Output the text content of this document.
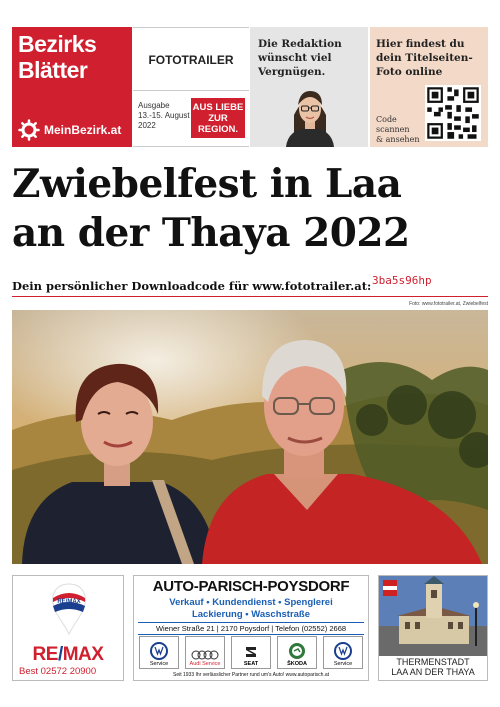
Bezirks
Blätter
MeinBezirk.at
FOTOTRAILER
Ausgabe
13.-15. August
2022
AUS LIEBE
ZUR
REGION.
Die Redaktion
wünscht viel
Vergnügen.
Hier findest du
dein Titelseiten-
Foto online
Code
scannen
& ansehen
Zwiebelfest in Laa
an der Thaya 2022
Dein persönlicher Downloadcode für www.fototrailer.at: 3ba5s96hp
Foto: www.fototrailer.at, Zwiebelfest
RE/MAX
RE/MAX
Best 02572 20900
AUTO-PARISCH-POYSDORF
Verkauf • Kundendienst • Spenglerei
Lackierung • Waschstraße
Wiener Straße 21 | 2170 Poysdorf | Telefon (02552) 2668
Service	Audi Service	SEAT	ŠKODA	Service
Seit 1933 Ihr verlässlicher Partner rund um's Auto! www.autoparisch.at
THERMENSTADT
LAA AN DER THAYA
